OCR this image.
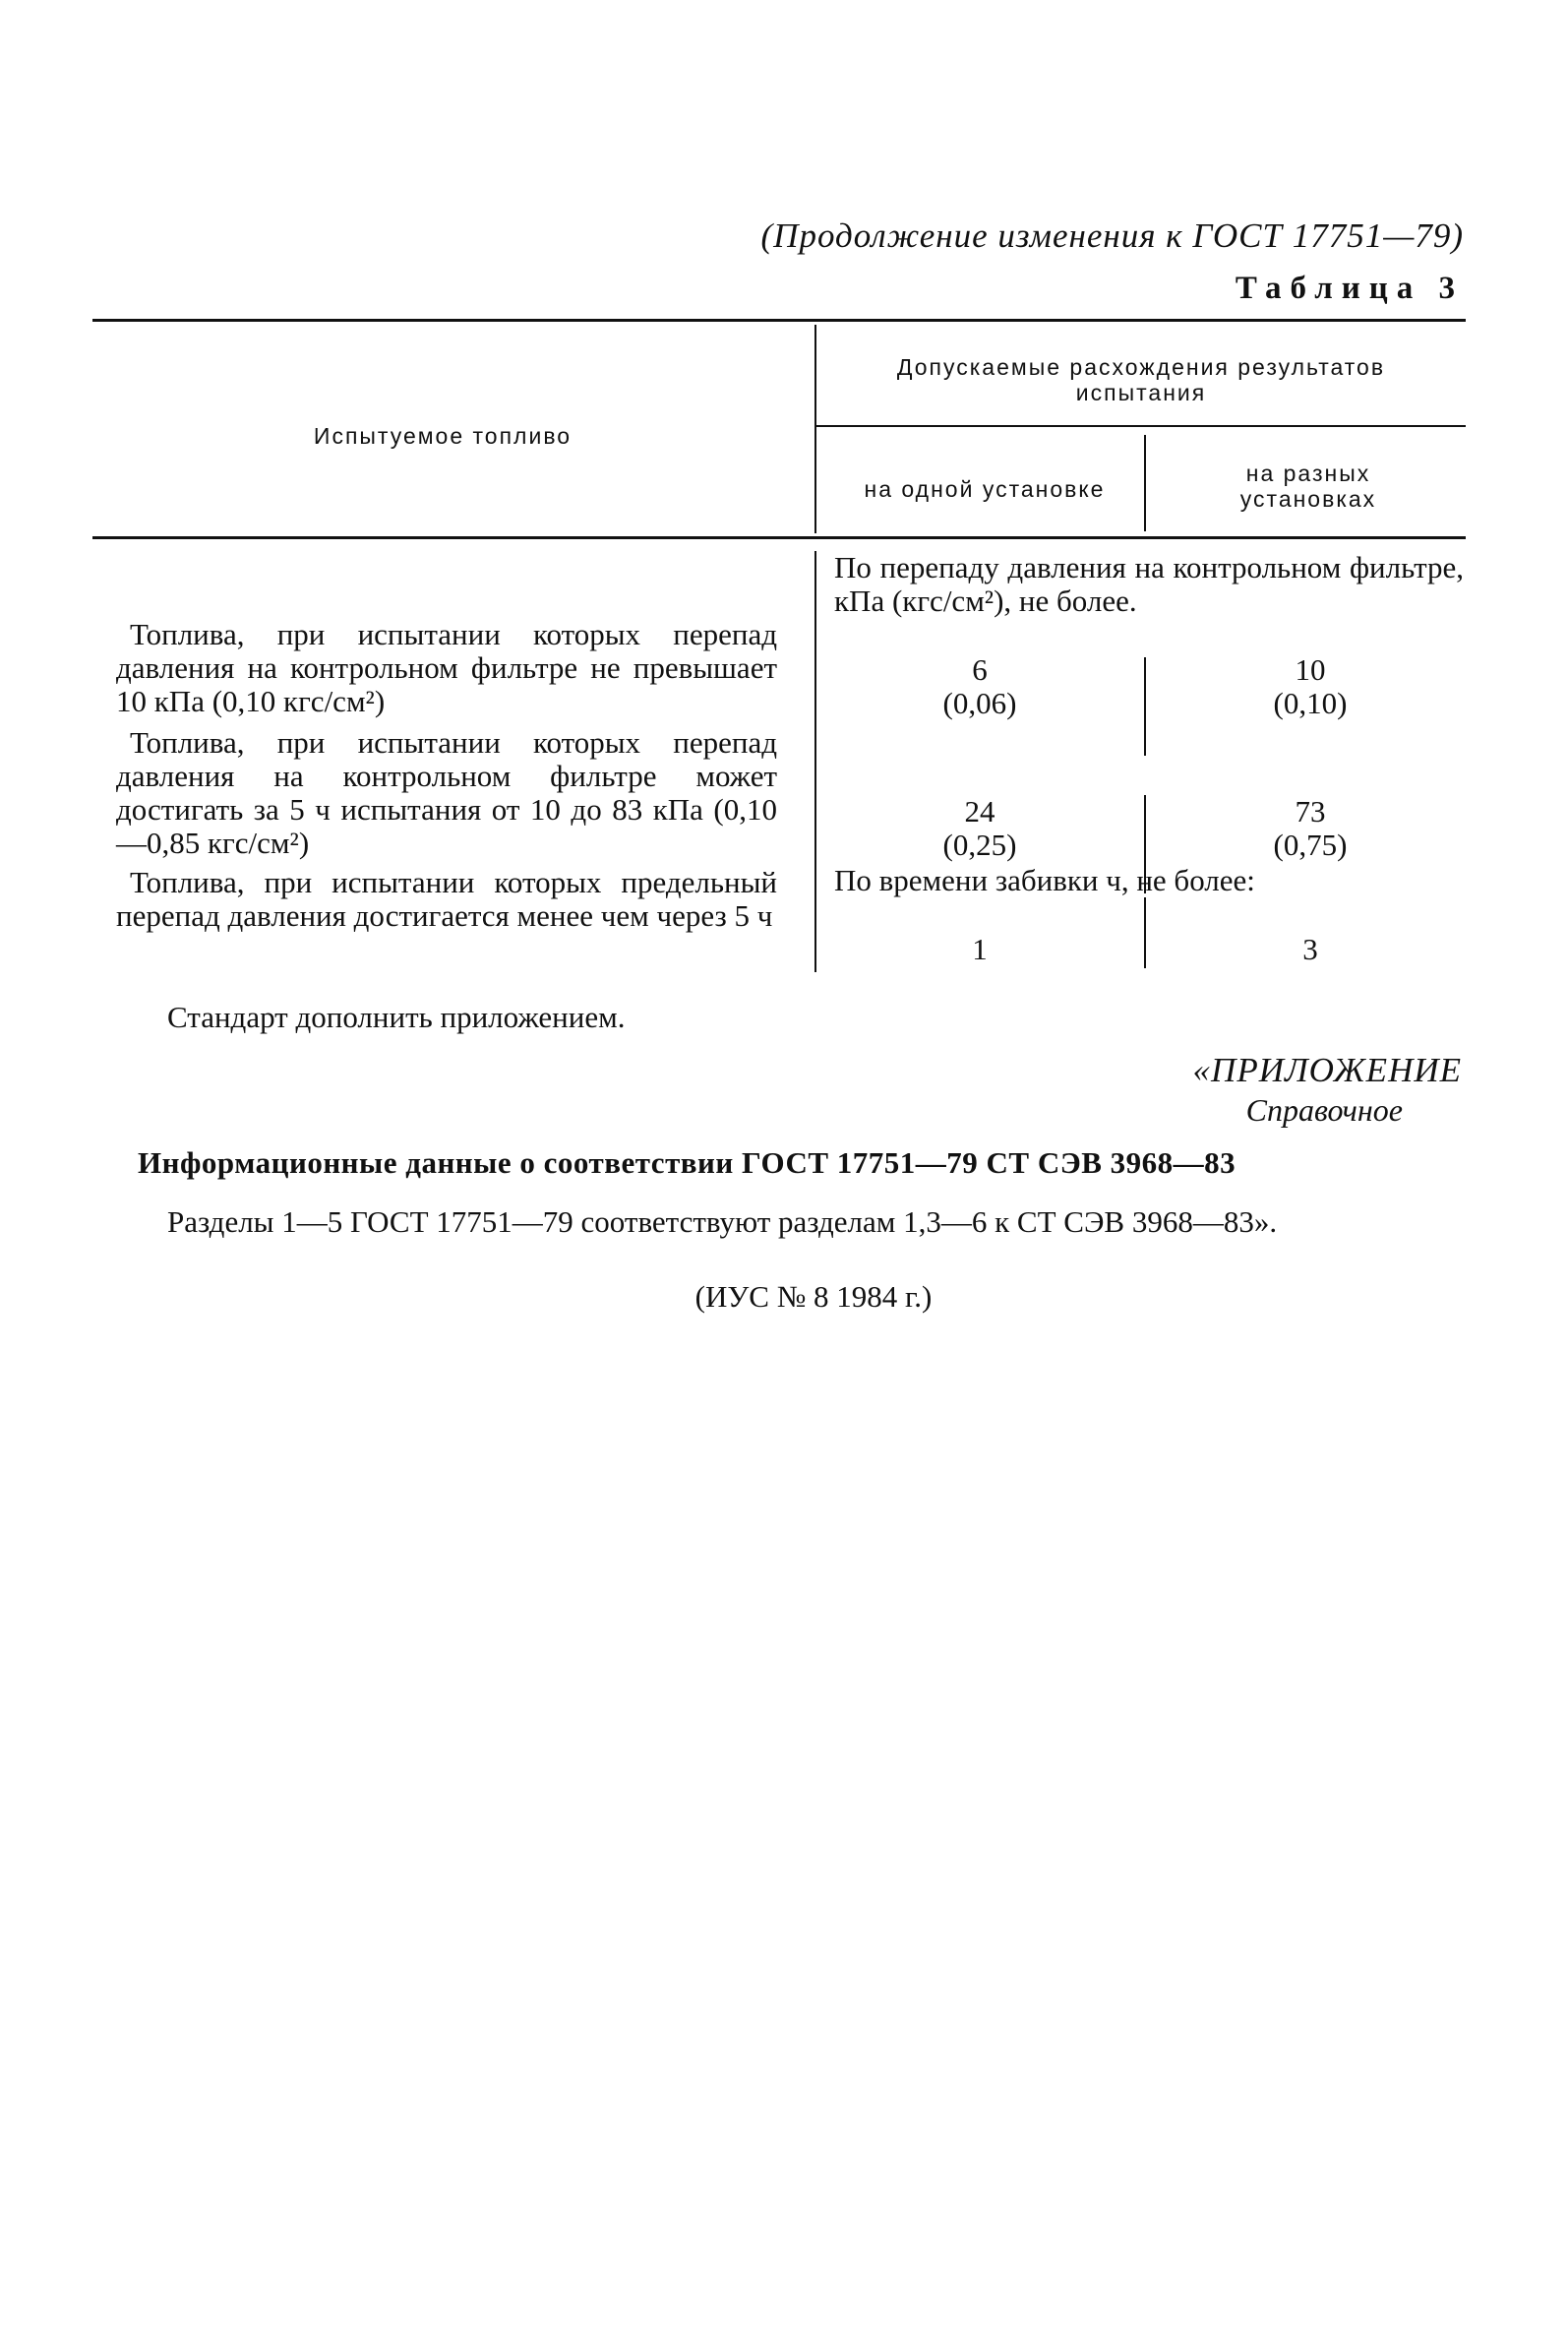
(Продолжение изменения к ГОСТ 17751—79)
Таблица 3
Испытуемое топливо
Допускаемые расхождения результатов испытания
на одной установке
на разных установках
По перепаду давления на контрольном фильтре, кПа (кгс/см²), не более.
По времени забивки ч, не более:

Топлива, при испытании которых перепад давления на контрольном фильтре не превышает 10 кПа (0,10 кгс/см²)

Топлива, при испытании которых перепад давления на контрольном фильтре может достигать за 5 ч испытания от 10 до 83 кПа (0,10—0,85 кгс/см²)

Топлива, при испытании которых предельный перепад давления достигается менее чем через 5 ч

6
(0,06)
10
(0,10)
24
(0,25)
73
(0,75)
1	3
Стандарт дополнить приложением.
«ПРИЛОЖЕНИЕ
Справочное
Информационные данные о соответствии ГОСТ 17751—79 СТ СЭВ 3968—83
Разделы 1—5 ГОСТ 17751—79 соответствуют разделам 1,3—6 к СТ СЭВ 3968—83».
(ИУС № 8 1984 г.)
